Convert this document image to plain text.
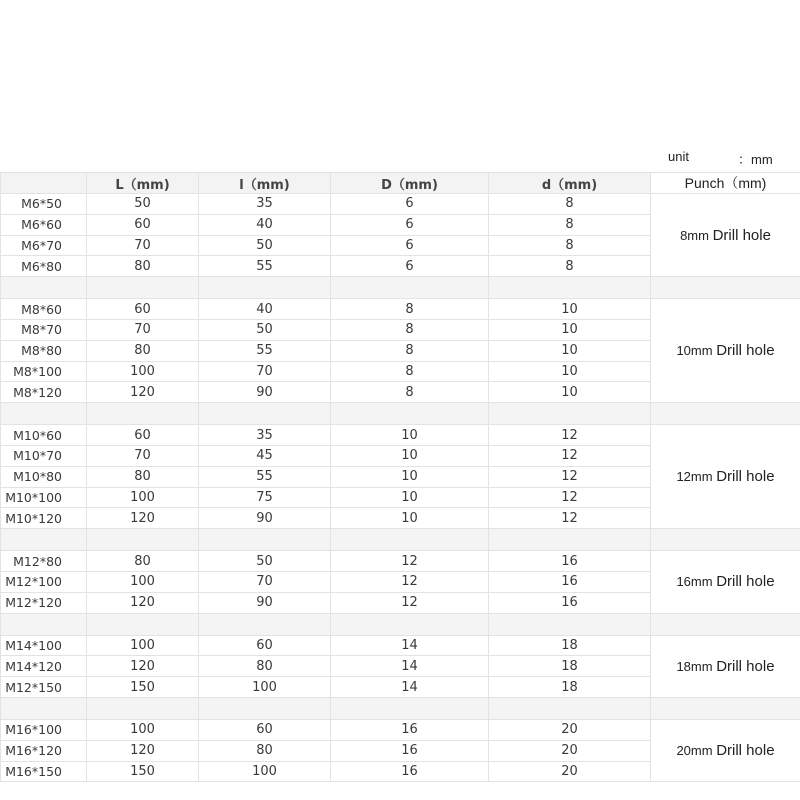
unit	：mm
	L（mm)	l（mm)	D（mm)	d（mm)	Punch（mm)
M6*50	50	35	6	8	8mm Drill hole
M6*60	60	40	6	8	
M6*70	70	50	6	8	
M6*80	80	55	6	8	

M8*60	60	40	8	10	10mm Drill hole
M8*70	70	50	8	10	
M8*80	80	55	8	10	
M8*100	100	70	8	10	
M8*120	120	90	8	10	

M10*60	60	35	10	12	12mm Drill hole
M10*70	70	45	10	12	
M10*80	80	55	10	12	
M10*100	100	75	10	12	
M10*120	120	90	10	12	

M12*80	80	50	12	16	16mm Drill hole
M12*100	100	70	12	16	
M12*120	120	90	12	16	

M14*100	100	60	14	18	18mm Drill hole
M14*120	120	80	14	18	
M12*150	150	100	14	18	

M16*100	100	60	16	20	20mm Drill hole
M16*120	120	80	16	20	
M16*150	150	100	16	20	
